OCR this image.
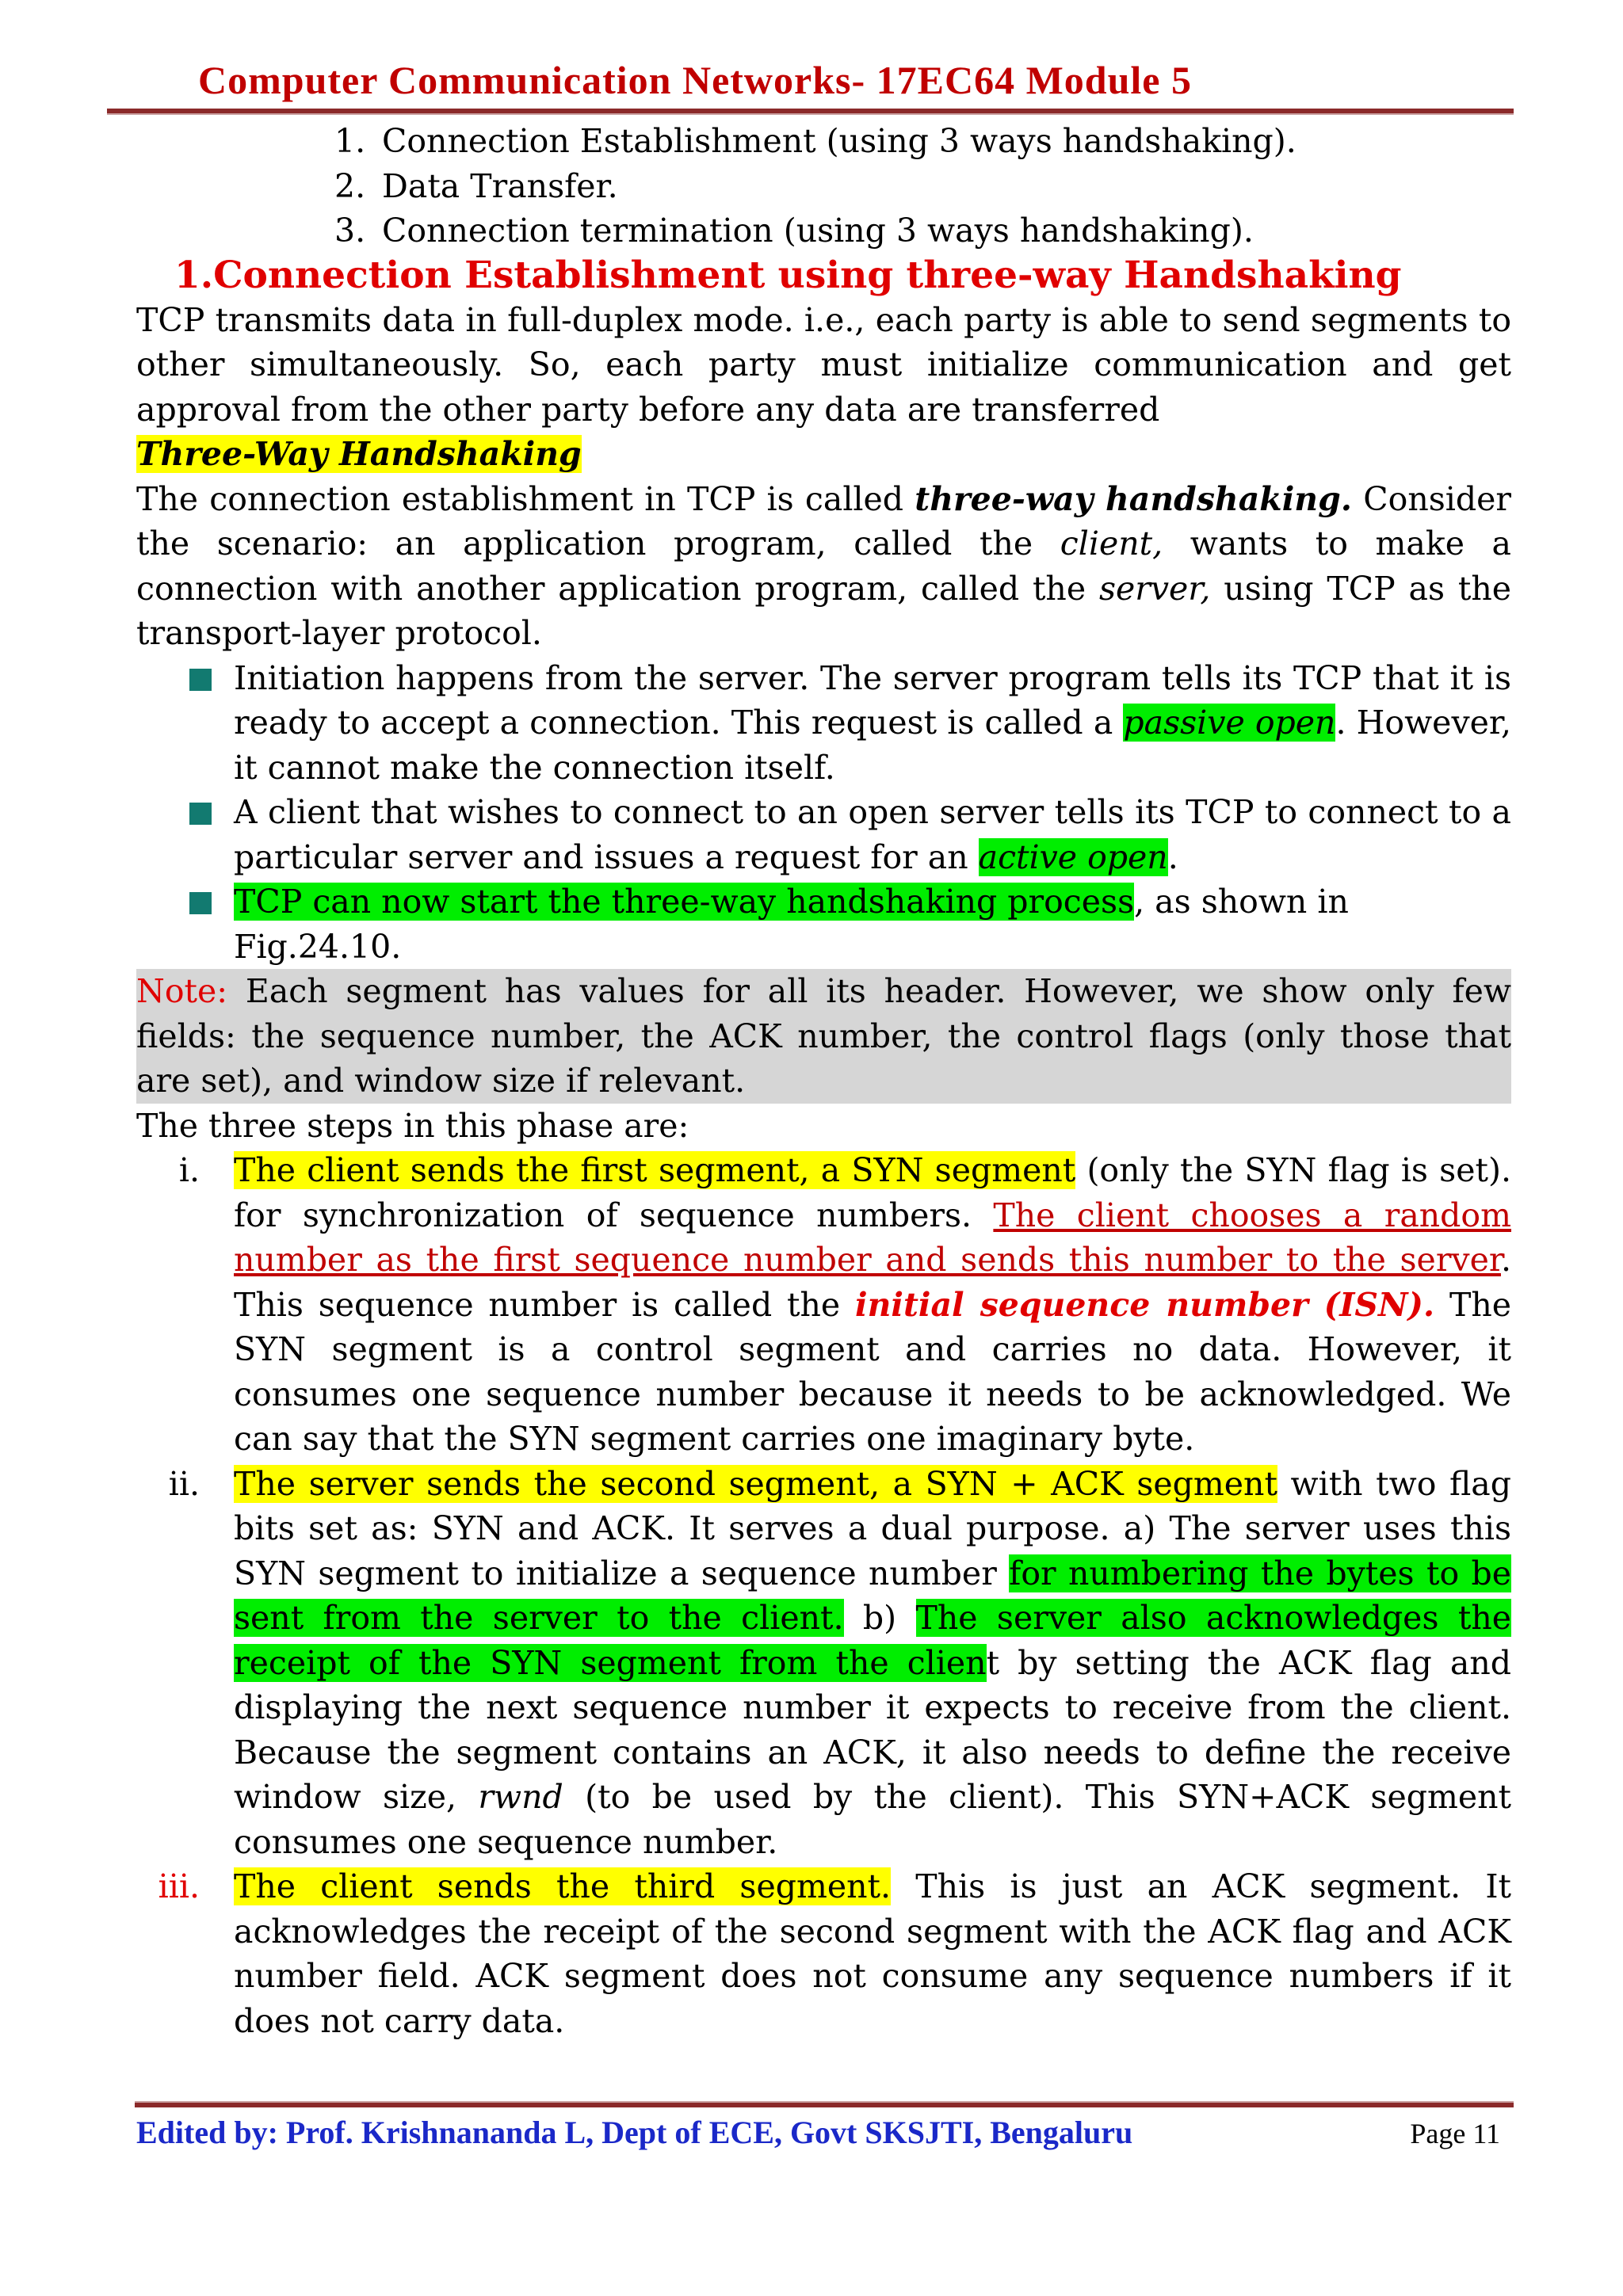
Computer Communication Networks- 17EC64 Module 5
1. Connection Establishment (using 3 ways handshaking).
2. Data Transfer.
3. Connection termination (using 3 ways handshaking).
1.Connection Establishment using three-way Handshaking

TCP transmits data in full-duplex mode. i.e., each party is able to send segments to other simultaneously. So, each party must initialize communication and get approval from the other party before any data are transferred

Three-Way Handshaking

The connection establishment in TCP is called three-way handshaking. Consider the scenario: an application program, called the client, wants to make a connection with another application program, called the server, using TCP as the transport-layer protocol.

Initiation happens from the server. The server program tells its TCP that it is ready to accept a connection. This request is called a passive open. However, it cannot make the connection itself.
A client that wishes to connect to an open server tells its TCP to connect to a particular server and issues a request for an active open.
TCP can now start the three-way handshaking process, as shown in Fig.24.10.

Note: Each segment has values for all its header. However, we show only few fields: the sequence number, the ACK number, the control flags (only those that are set), and window size if relevant.

The three steps in this phase are:

i. The client sends the first segment, a SYN segment (only the SYN flag is set). for synchronization of sequence numbers. The client chooses a random number as the first sequence number and sends this number to the server. This sequence number is called the initial sequence number (ISN). The SYN segment is a control segment and carries no data. However, it consumes one sequence number because it needs to be acknowledged. We can say that the SYN segment carries one imaginary byte.
ii. The server sends the second segment, a SYN + ACK segment with two flag bits set as: SYN and ACK. It serves a dual purpose. a) The server uses this SYN segment to initialize a sequence number for numbering the bytes to be sent from the server to the client. b) The server also acknowledges the receipt of the SYN segment from the client by setting the ACK flag and displaying the next sequence number it expects to receive from the client. Because the segment contains an ACK, it also needs to define the receive window size, rwnd (to be used by the client). This SYN+ACK segment consumes one sequence number.
iii. The client sends the third segment. This is just an ACK segment. It acknowledges the receipt of the second segment with the ACK flag and ACK number field. ACK segment does not consume any sequence numbers if it does not carry data.
Edited by: Prof. Krishnananda L, Dept of ECE, Govt SKSJTI, Bengaluru	Page 11
